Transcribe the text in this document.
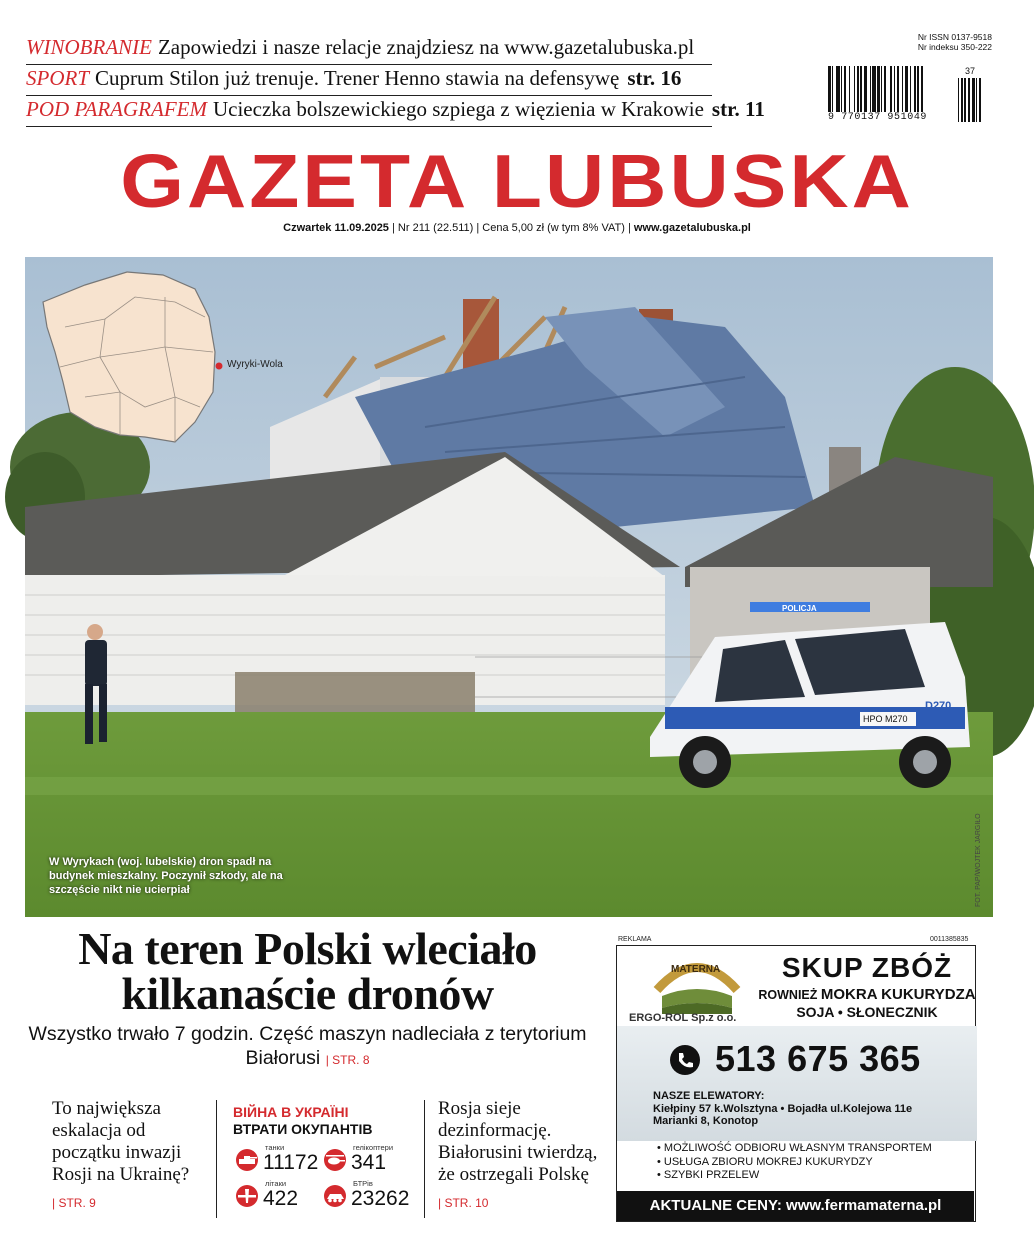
WINOBRANIE Zapowiedzi i nasze relacje znajdziesz na www.gazetalubuska.pl
SPORT Cuprum Stilon już trenuje. Trener Henno stawia na defensywę str. 16
POD PARAGRAFEM Ucieczka bolszewickiego szpiega z więzienia w Krakowie str. 11
Nr ISSN 0137-9518
Nr indeksu 350-222
37
9 770137 951049
GAZETA LUBUSKA
Czwartek 11.09.2025 | Nr 211 (22.511) | Cena 5,00 zł (w tym 8% VAT) | www.gazetalubuska.pl
Wyryki-Wola
POLICJA
HPO M270
D270
W Wyrykach (woj. lubelskie) dron spadł na budynek mieszkalny. Poczynił szkody, ale na szczęście nikt nie ucierpiał	FOT. PAP/WOJTEK JARGIŁO
Na teren Polski wleciało
kilkanaście dronów
Wszystko trwało 7 godzin. Część maszyn nadleciała z terytorium Białorusi | STR. 8
To największa eskalacja od początku inwazji Rosji na Ukrainę?
| STR. 9
ВІЙНА В УКРАЇНІ
ВТРАТИ ОКУПАНТІВ
танки
11172
гелікоптери
341
літаки
422
БТРів
23262
Rosja sieje dezinformację. Białorusini twierdzą, że ostrzegali Polskę
| STR. 10
REKLAMA	0011385835
MATERNA	SKUP ZBÓŻ
ROWNIEŻ MOKRA KUKURYDZA
SOJA • SŁONECZNIK
ERGO-ROL Sp.z o.o.
513 675 365
NASZE ELEWATORY:
Kiełpiny 57 k.Wolsztyna • Bojadła ul.Kolejowa 11e
Marianki 8, Konotop
• MOŻLIWOŚĆ ODBIORU WŁASNYM TRANSPORTEM
• USŁUGA ZBIORU MOKREJ KUKURYDZY
• SZYBKI PRZELEW
AKTUALNE CENY: www.fermamaterna.pl
